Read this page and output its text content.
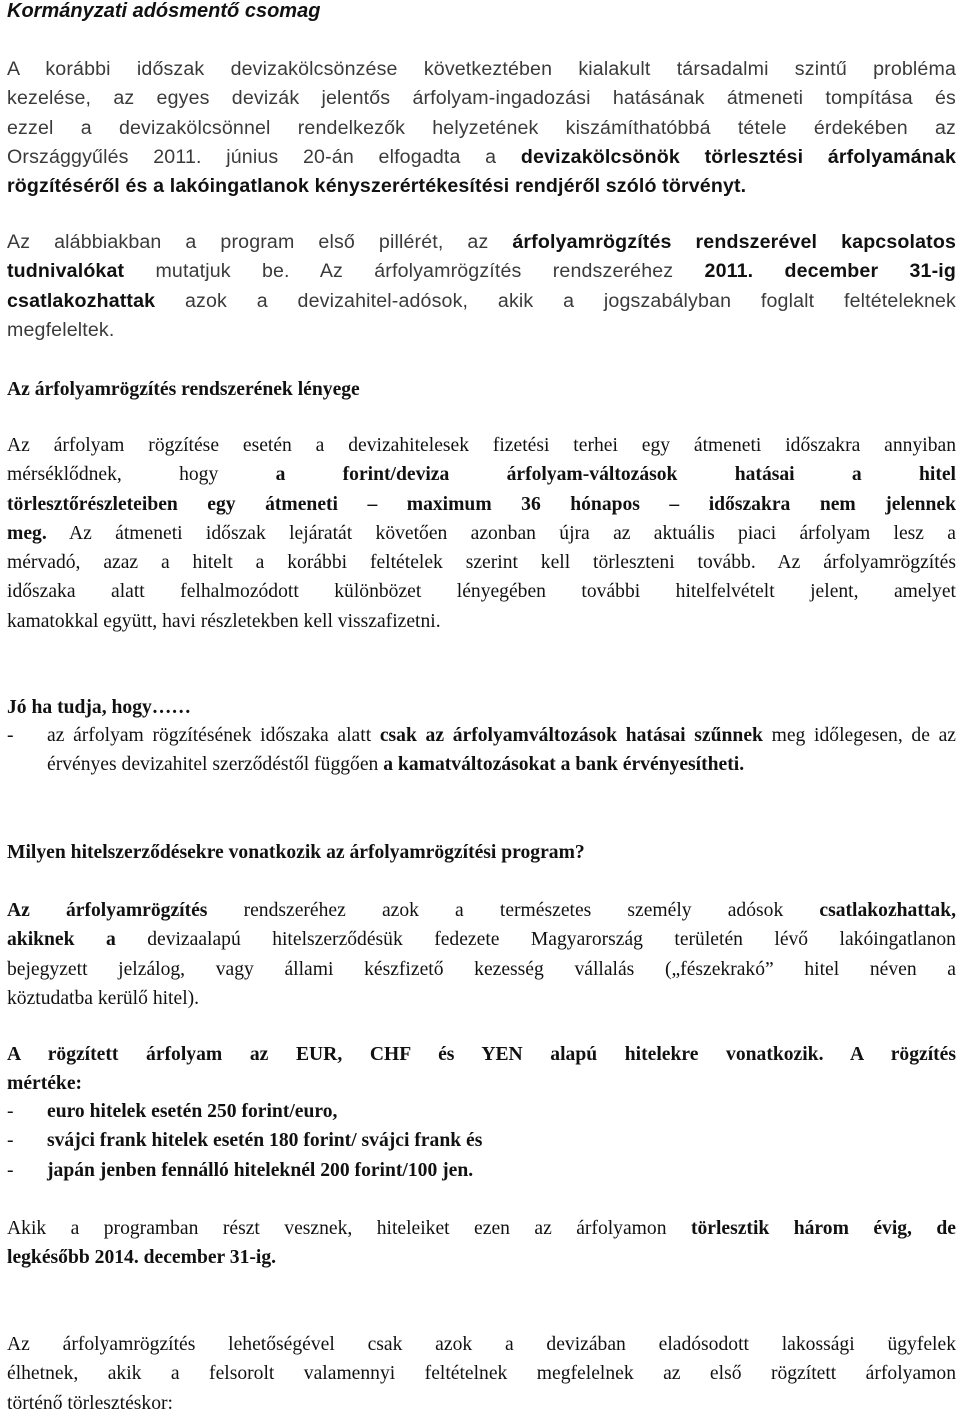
Kormányzati adósmentő csomag
A korábbi időszak devizakölcsönzése következtében kialakult társadalmi szintű probléma
kezelése, az egyes devizák jelentős árfolyam-ingadozási hatásának átmeneti tompítása és
ezzel a devizakölcsönnel rendelkezők helyzetének kiszámíthatóbbá tétele érdekében az
Országgyűlés 2011. június 20-án elfogadta a devizakölcsönök törlesztési árfolyamának
rögzítéséről és a lakóingatlanok kényszerértékesítési rendjéről szóló törvényt.
Az alábbiakban a program első pillérét, az árfolyamrögzítés rendszerével kapcsolatos
tudnivalókat mutatjuk be. Az árfolyamrögzítés rendszeréhez 2011. december 31-ig
csatlakozhattak azok a devizahitel-adósok, akik a jogszabályban foglalt feltételeknek
megfeleltek.
Az árfolyamrögzítés rendszerének lényege
Az árfolyam rögzítése esetén a devizahitelesek fizetési terhei egy átmeneti időszakra annyiban
mérséklődnek, hogy a forint/deviza árfolyam-változások hatásai a hitel
törlesztőrészleteiben egy átmeneti – maximum 36 hónapos – időszakra nem jelennek
meg. Az átmeneti időszak lejáratát követően azonban újra az aktuális piaci árfolyam lesz a
mérvadó, azaz a hitelt a korábbi feltételek szerint kell törleszteni tovább. Az árfolyamrögzítés
időszaka alatt felhalmozódott különbözet lényegében további hitelfelvételt jelent, amelyet
kamatokkal együtt, havi részletekben kell visszafizetni.
Jó ha tudja, hogy……
- az árfolyam rögzítésének időszaka alatt csak az árfolyamváltozások hatásai szűnnek meg időlegesen, de az érvényes devizahitel szerződéstől függően a kamatváltozásokat a bank érvényesítheti.
Milyen hitelszerződésekre vonatkozik az árfolyamrögzítési program?
Az árfolyamrögzítés rendszeréhez azok a természetes személy adósok csatlakozhattak,
akiknek a devizaalapú hitelszerződésük fedezete Magyarország területén lévő lakóingatlanon
bejegyzett jelzálog, vagy állami készfizető kezesség vállalás („fészekrakó” hitel néven a
köztudatba kerülő hitel).
A rögzített árfolyam az EUR, CHF és YEN alapú hitelekre vonatkozik. A rögzítés
mértéke:
- euro hitelek esetén 250 forint/euro,
- svájci frank hitelek esetén 180 forint/ svájci frank és
- japán jenben fennálló hiteleknél 200 forint/100 jen.
Akik a programban részt vesznek, hiteleiket ezen az árfolyamon törlesztik három évig, de
legkésőbb 2014. december 31-ig.
Az árfolyamrögzítés lehetőségével csak azok a devizában eladósodott lakossági ügyfelek
élhetnek, akik a felsorolt valamennyi feltételnek megfelelnek az első rögzített árfolyamon
történő törlesztéskor:
